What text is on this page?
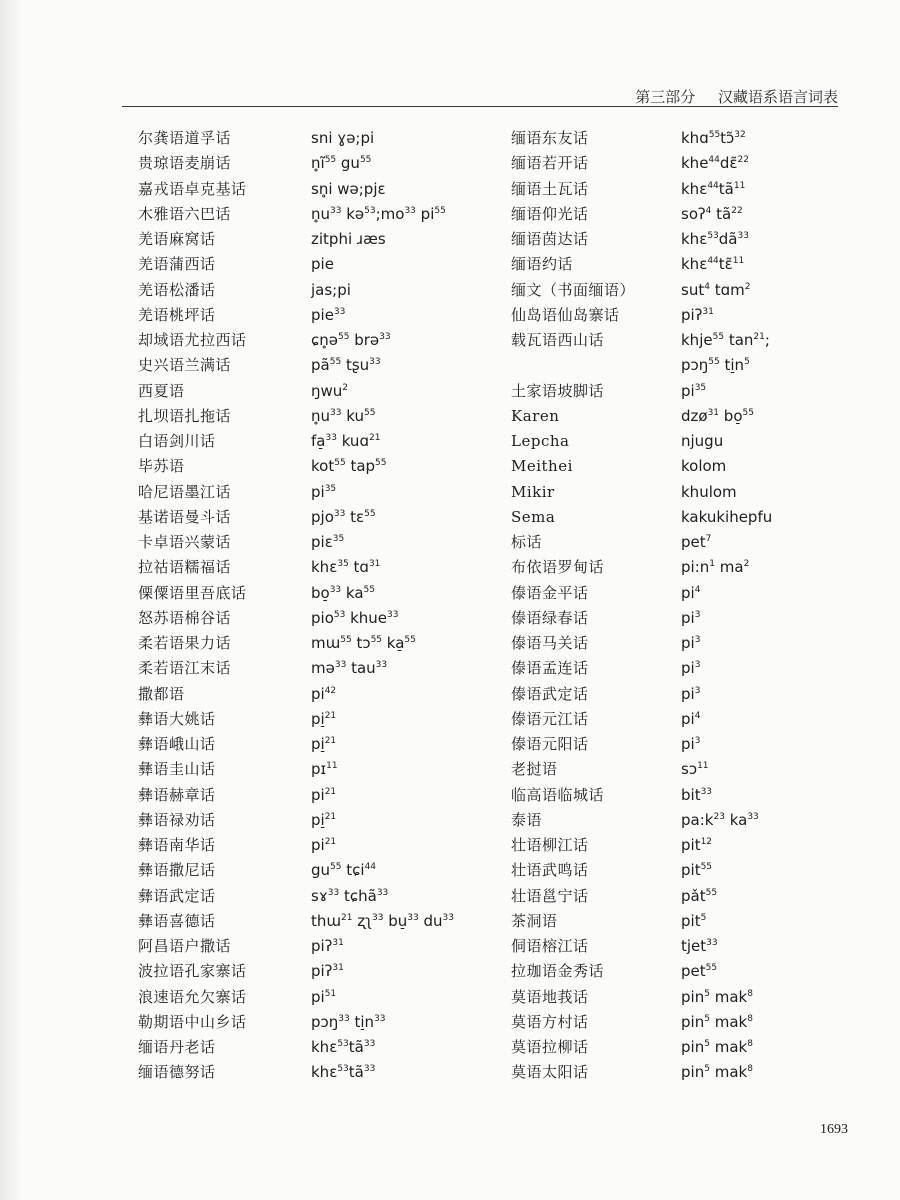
第三部分 汉藏语系语言词表
尔龚语道孚话
贵琼语麦崩话
嘉戎语卓克基话
木雅语六巴话
羌语麻窝话
羌语蒲西话
羌语松潘话
羌语桃坪话
却域语尤拉西话
史兴语兰满话
西夏语
扎坝语扎拖话
白语剑川话
毕苏语
哈尼语墨江话
基诺语曼斗话
卡卓语兴蒙话
拉祜语糯福话
傈僳语里吾底话
怒苏语棉谷话
柔若语果力话
柔若语江末话
撒都语
彝语大姚话
彝语峨山话
彝语圭山话
彝语赫章话
彝语禄劝话
彝语南华话
彝语撒尼话
彝语武定话
彝语喜德话
阿昌语户撒话
波拉语孔家寨话
浪速语允欠寨话
勒期语中山乡话
缅语丹老话
缅语德努话
sni ɣə;pi
$n̥ĩ^{55}$ $gu^{55}$
sn̥i wə;pjɛ
$n̥u^{33}$ $kə^{53};mo^{33}$ $pi^{55}$
zitphi ɹæs
pie
jas;pi
pie$^{33}$
ɕn̥ə$^{55}$ brə$^{33}$
$pã^{55}$ tʂu$^{33}$
ŋwu$^2$
$n̥u^{33}$ $ku^{55}$
fa̠$^{33}$ kuɑ$^{21}$
kot$^{55}$ tap$^{55}$
$pi^{35}$
pjo$^{33}$ tɛ$^{55}$
piɛ$^{35}$
khɛ$^{35}$ tɑ$^{31}$
bo̠$^{33}$ $ka^{55}$
pio$^{53}$ khue$^{33}$
mɯ$^{55}$ tɔ$^{55}$ ka̠$^{55}$
mə$^{33}$ tau$^{33}$
$pi^{42}$
pi̠$^{21}$
pi̠$^{21}$
pɪ$^{11}$
$pi^{21}$
pi̠$^{21}$
$pi^{21}$
$gu^{55}$ tɕi$^{44}$
sɤ$^{33}$ tɕhã$^{33}$
thɯ$^{21}$ ʐʅ$^{33}$ bu̠$^{33}$ $du^{33}$
piʔ$^{31}$
piʔ$^{31}$
$pi^{51}$
pɔŋ$^{33}$ $ti̠n^{33}$
$khɛ^{53}tã^{33}$
$khɛ^{53}tã^{33}$
缅语东友话
缅语若开话
缅语土瓦话
缅语仰光话
缅语茵达话
缅语约话
缅文（书面缅语）
仙岛语仙岛寨话
载瓦语西山话
土家语坡脚话
Karen
Lepcha
Meithei
Mikir
Sema
标话
布依语罗甸话
傣语金平话
傣语绿春话
傣语马关话
傣语孟连话
傣语武定话
傣语元江话
傣语元阳话
老挝语
临高语临城话
泰语
壮语柳江话
壮语武鸣话
壮语邕宁话
茶洞语
侗语榕江话
拉珈语金秀话
莫语地莪话
莫语方村话
莫语拉柳话
莫语太阳话
khɑ$^{55}$tɔ̃$^{32}$
khe$^{44}$dɛ̃$^{22}$
$khɛ^{44}tã^{11}$
soʔ$^4$ $tã^{22}$
$khɛ^{53}dã^{33}$
khɛ$^{44}$tɛ̃$^{11}$
sut$^4$ tɑm$^2$
piʔ$^{31}$
khje$^{55}$ $\tan^{21}$;
pɔŋ$^{55}$ $ti̠n^5$
$pi^{35}$
dzø$^{31}$ bo̠$^{55}$
njugu
kolom
khulom
kakukihepfu
pet$^7$
$pi:n^1$ $ma^2$
$pi^4$
$pi^3$
$pi^3$
$pi^3$
$pi^3$
$pi^4$
$pi^3$
sɔ$^{11}$
bit$^{33}$
$pa:k^{23}$ $ka^{33}$
pit$^{12}$
pit$^{55}$
pǎt$^{55}$
pit$^5$
tjet$^{33}$
pet$^{55}$
pin$^5$ mak$^8$
pin$^5$ mak$^8$
pin$^5$ mak$^8$
pin$^5$ mak$^8$
1693
